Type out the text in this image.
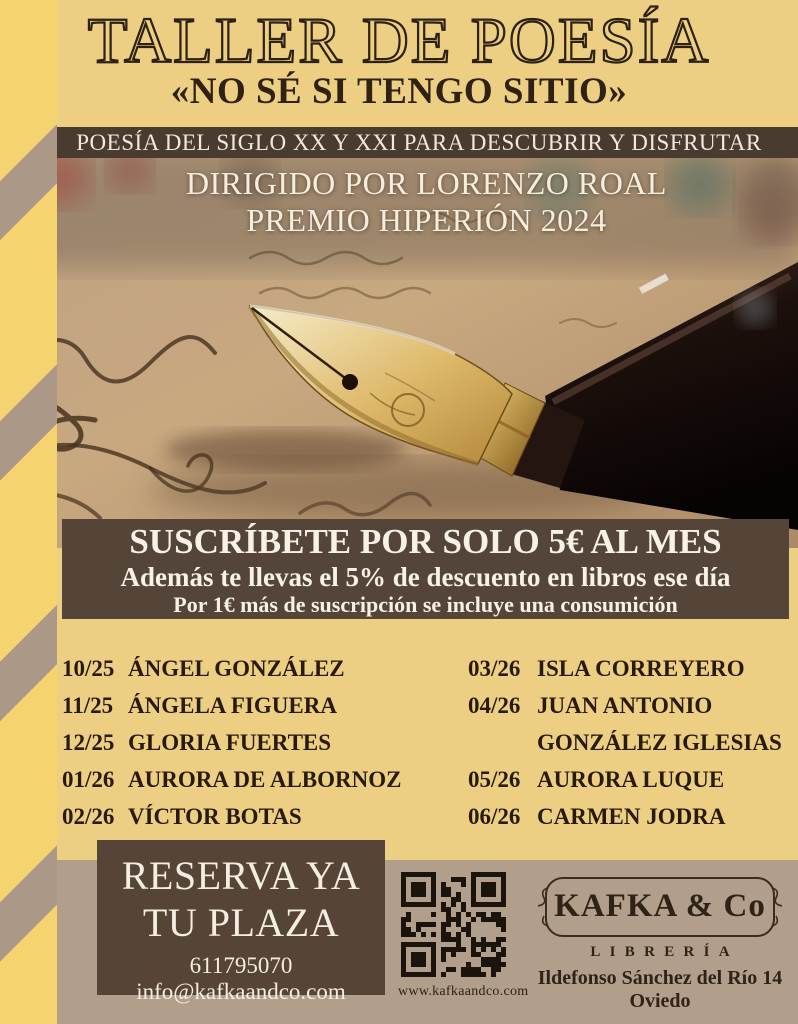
TALLER DE POESÍA
«NO SÉ SI TENGO SITIO»
POESÍA DEL SIGLO XX Y XXI PARA DESCUBRIR Y DISFRUTAR
DIRIGIDO POR LORENZO ROAL
PREMIO HIPERIÓN 2024
SUSCRÍBETE POR SOLO 5€ AL MES
Además te llevas el 5% de descuento en libros ese día
Por 1€ más de suscripción se incluye una consumición
10/25 ÁNGEL GONZÁLEZ
11/25 ÁNGELA FIGUERA
12/25 GLORIA FUERTES
01/26 AURORA DE ALBORNOZ
02/26 VÍCTOR BOTAS
03/26 ISLA CORREYERO
04/26 JUAN ANTONIO
GONZÁLEZ IGLESIAS
05/26 AURORA LUQUE
06/26 CARMEN JODRA
RESERVA YA
TU PLAZA
611795070
info@kafkaandco.com	www.kafkaandco.com
KAFKA & Co
LIBRERÍA
Ildefonso Sánchez del Río 14
Oviedo
